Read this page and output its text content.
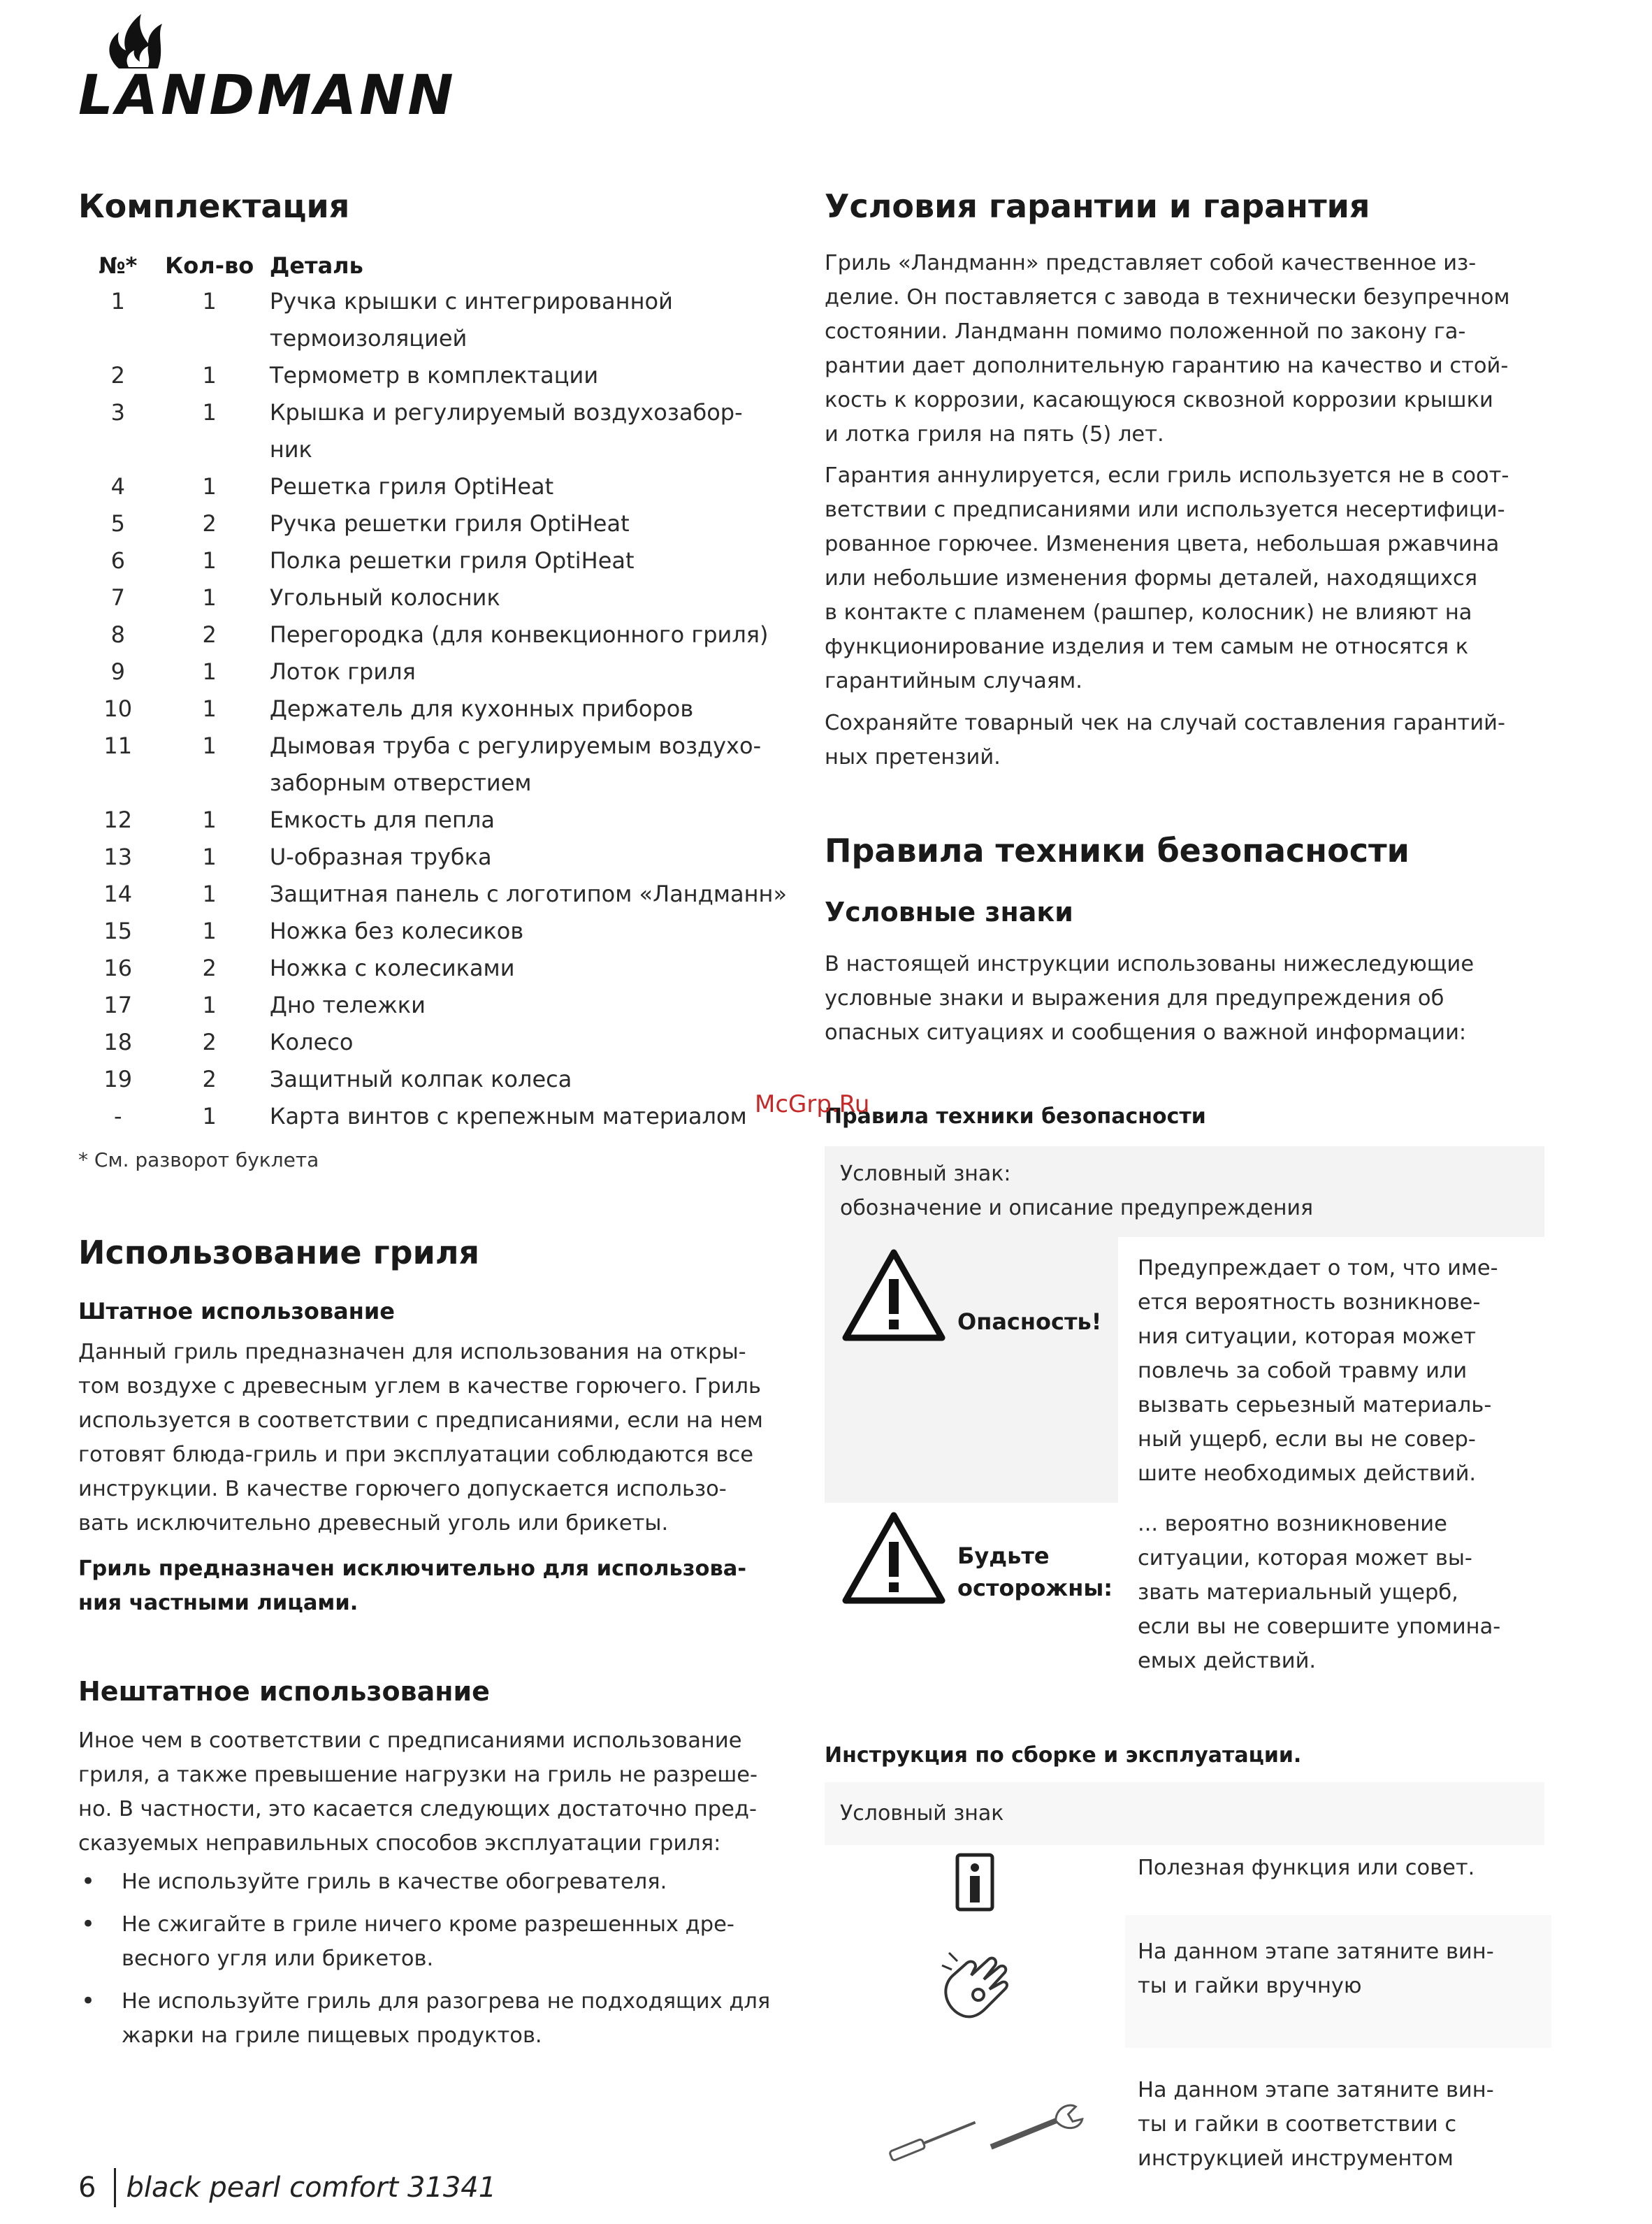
LANDMANN
Комплектация
№*	Кол-во	Деталь
1	1	Ручка крышки с интегрированной
термоизоляцией

2	1	Термометр в комплектации

3	1	Крышка и регулируемый воздухозабор-
ник

4	1	Решетка гриля OptiHeat

5	2	Ручка решетки гриля OptiHeat

6	1	Полка решетки гриля OptiHeat

7	1	Угольный колосник

8	2	Перегородка (для конвекционного гриля)

9	1	Лоток гриля

10	1	Держатель для кухонных приборов

11	1	Дымовая труба с регулируемым воздухо-
заборным отверстием

12	1	Емкость для пепла

13	1	U-образная трубка

14	1	Защитная панель с логотипом «Ландманн»

15	1	Ножка без колесиков

16	2	Ножка с колесиками

17	1	Дно тележки

18	2	Колесо

19	2	Защитный колпак колеса

-	1	Карта винтов с крепежным материалом
* См. разворот буклета
Использование гриля
Штатное использование
Данный гриль предназначен для использования на откры-
том воздухе с древесным углем в качестве горючего. Гриль
используется в соответствии с предписаниями, если на нем
готовят блюда-гриль и при эксплуатации соблюдаются все
инструкции. В качестве горючего допускается использо-
вать исключительно древесный уголь или брикеты.
Гриль предназначен исключительно для использова-
ния частными лицами.
Нештатное использование
Иное чем в соответствии с предписаниями использование
гриля, а также превышение нагрузки на гриль не разреше-
но. В частности, это касается следующих достаточно пред-
сказуемых неправильных способов эксплуатации гриля:
• Не используйте гриль в качестве обогревателя.
• Не сжигайте в гриле ничего кроме разрешенных дре-
весного угля или брикетов.
• Не используйте гриль для разогрева не подходящих для
жарки на гриле пищевых продуктов.
Условия гарантии и гарантия
Гриль «Ландманн» представляет собой качественное из-
делие. Он поставляется с завода в технически безупречном
состоянии. Ландманн помимо положенной по закону га-
рантии дает дополнительную гарантию на качество и стой-
кость к коррозии, касающуюся сквозной коррозии крышки
и лотка гриля на пять (5) лет.
Гарантия аннулируется, если гриль используется не в соот-
ветствии с предписаниями или используется несертифици-
рованное горючее. Изменения цвета, небольшая ржавчина
или небольшие изменения формы деталей, находящихся
в контакте с пламенем (рашпер, колосник) не влияют на
функционирование изделия и тем самым не относятся к
гарантийным случаям.
Сохраняйте товарный чек на случай составления гарантий-
ных претензий.
Правила техники безопасности
Условные знаки
В настоящей инструкции использованы нижеследующие
условные знаки и выражения для предупреждения об
опасных ситуациях и сообщения о важной информации:
Правила техники безопасности
Условный знак:
обозначение и описание предупреждения
Опасность!
Предупреждает о том, что име-
ется вероятность возникнове-
ния ситуации, которая может
повлечь за собой травму или
вызвать серьезный материаль-
ный ущерб, если вы не совер-
шите необходимых действий.
Будьте
осторожны:
... вероятно возникновение
ситуации, которая может вы-
звать материальный ущерб,
если вы не совершите упомина-
емых действий.
Инструкция по сборке и эксплуатации.
Условный знак
Полезная функция или совет.
На данном этапе затяните вин-
ты и гайки вручную
На данном этапе затяните вин-
ты и гайки в соответствии с
инструкцией инструментом
McGrp.Ru
6 black pearl comfort 31341
